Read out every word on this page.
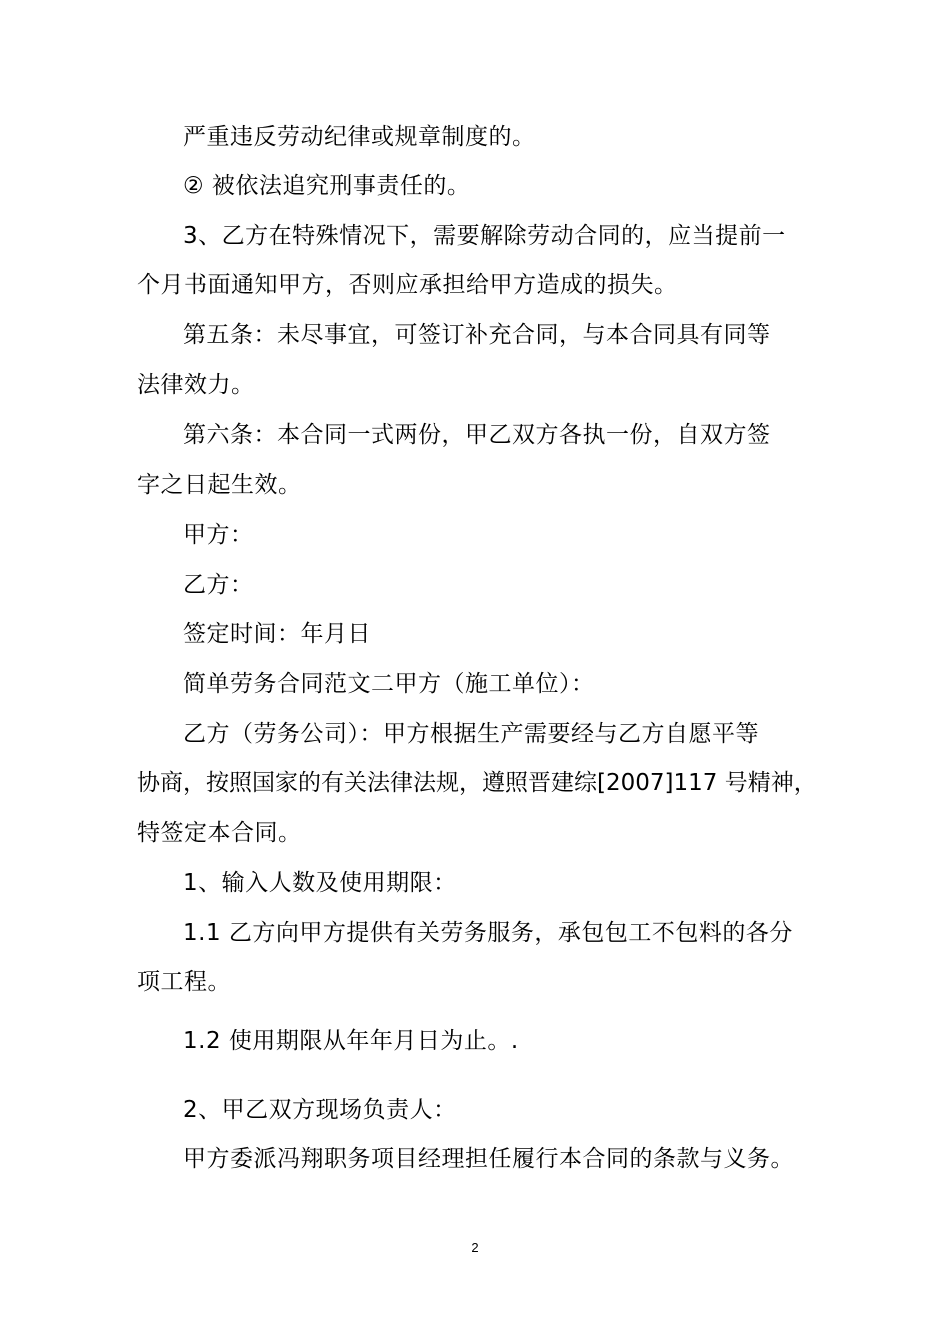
严重违反劳动纪律或规章制度的。
② 被依法追究刑事责任的。
3、乙方在特殊情况下，需要解除劳动合同的，应当提前一
个月书面通知甲方，否则应承担给甲方造成的损失。
第五条：未尽事宜，可签订补充合同，与本合同具有同等
法律效力。
第六条：本合同一式两份，甲乙双方各执一份，自双方签
字之日起生效。
甲方：
乙方：
签定时间：年月日
简单劳务合同范文二甲方（施工单位）：
乙方（劳务公司）：甲方根据生产需要经与乙方自愿平等
协商，按照国家的有关法律法规，遵照晋建综[2007]117 号精神，
特签定本合同。
1、输入人数及使用期限：
1.1 乙方向甲方提供有关劳务服务，承包包工不包料的各分
项工程。
1.2 使用期限从年年月日为止。.
2、甲乙双方现场负责人：
甲方委派冯翔职务项目经理担任履行本合同的条款与义务。
2
